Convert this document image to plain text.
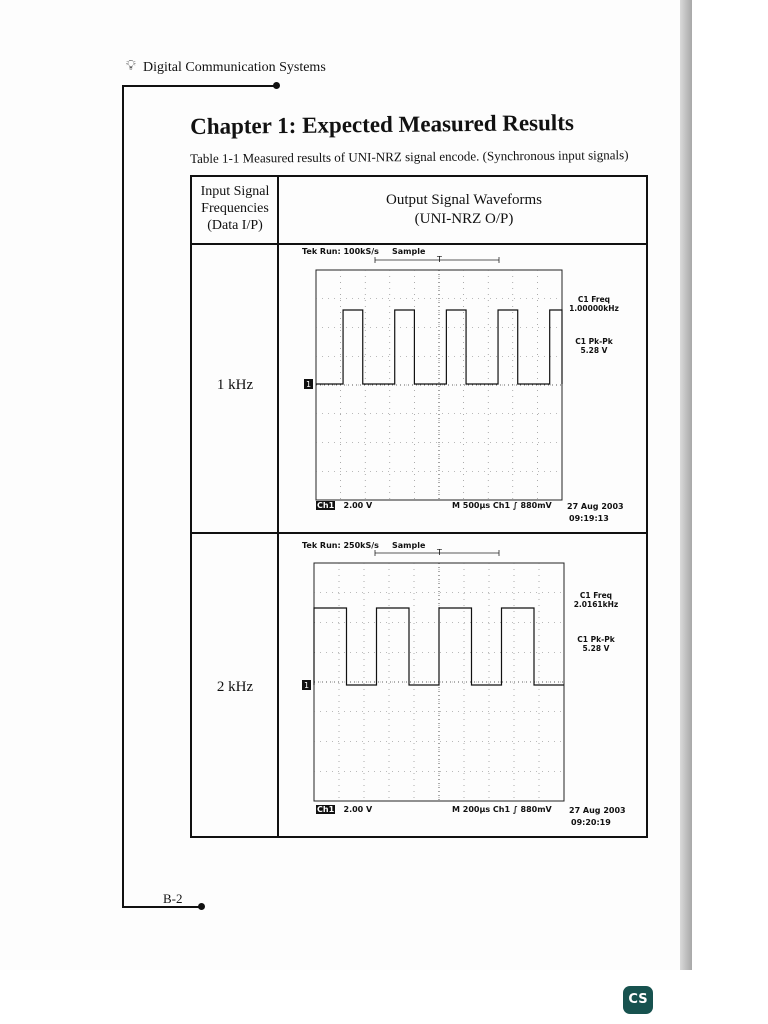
💡︎ Digital Communication Systems
Chapter 1: Expected Measured Results
Table 1-1 Measured results of UNI-NRZ signal encode. (Synchronous input signals)
Input Signal
Frequencies
(Data I/P)
Output Signal Waveforms
(UNI-NRZ O/P)
1 kHz
2 kHz
Tek Run: 100kS/s Sample
C1 Freq
1.00000kHz
C1 Pk-Pk
5.28 V
Ch1 2.00 V	M 500µs Ch1 ∫ 880mV 27 Aug 2003
09:19:13
Tek Run: 250kS/s Sample
C1 Freq
2.0161kHz
C1 Pk-Pk
5.28 V
Ch1 2.00 V	M 200µs Ch1 ∫ 880mV 27 Aug 2003
09:20:19
T
1
T
1
B-2
CS
